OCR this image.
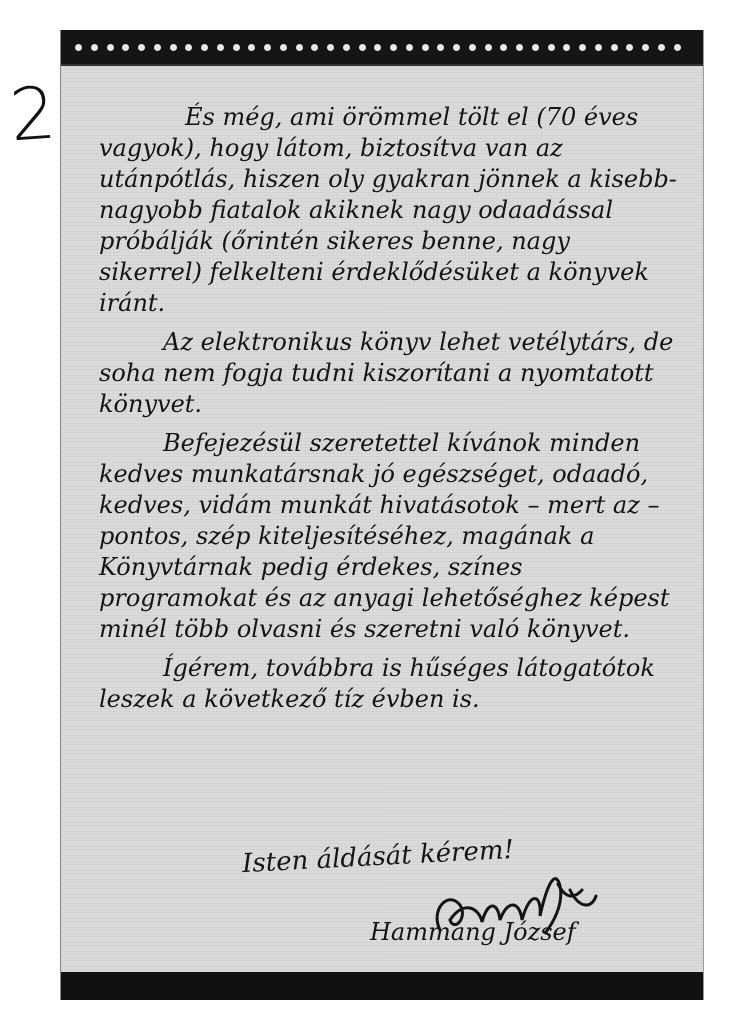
2	És még, ami örömmel tölt el (70 éves vagyok), hogy látom, biztosítva van az utánpótlás, hiszen oly gyakran jönnek a kisebb-nagyobb fiatalok akiknek nagy odaadással próbálják (őrintén sikeres benne, nagy sikerrel) felkelteni érdeklődésüket a könyvek iránt.

Az elektronikus könyv lehet vetélytárs, de soha nem fogja tudni kiszorítani a nyomtatott könyvet.

Befejezésül szeretettel kívánok minden kedves munkatársnak jó egészséget, odaadó, kedves, vidám munkát hivatásotok – mert az – pontos, szép kiteljesítéséhez, magának a Könyvtárnak pedig érdekes, színes programokat és az anyagi lehetőséghez képest minél több olvasni és szeretni való könyvet.

Ígérem, továbbra is hűséges látogatótok leszek a következő tíz évben is.

Isten áldását kérem!
Hammang József
